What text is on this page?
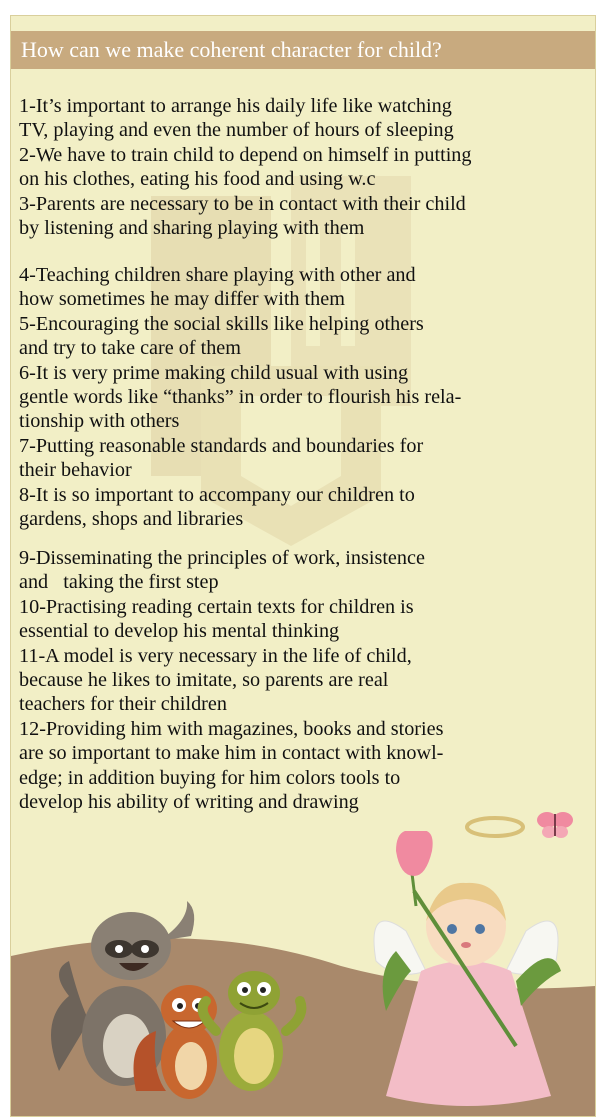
How can we make coherent character for child?
1-It’s important to arrange his daily life like watching
TV, playing and even the number of hours of sleeping
2-We have to train child to depend on himself in putting
on his clothes, eating his food and using w.c
3-Parents are necessary to be in contact with their child
by listening and sharing playing with them
4-Teaching children share playing with other and
how sometimes he may differ with them
5-Encouraging the social skills like helping others
and try to take care of them
6-It is very prime making child usual with using
gentle words like “thanks” in order to flourish his rela-
tionship with others
7-Putting reasonable standards and boundaries for
their behavior
8-It is so important to accompany our children to
gardens, shops and libraries
9-Disseminating the principles of work, insistence
and   taking the first step
10-Practising reading certain texts for children is
essential to develop his mental thinking
11-A model is very necessary in the life of child,
because he likes to imitate, so parents are real
teachers for their children
12-Providing him with magazines, books and stories
are so important to make him in contact with knowl-
edge; in addition buying for him colors tools to
develop his ability of writing and drawing
